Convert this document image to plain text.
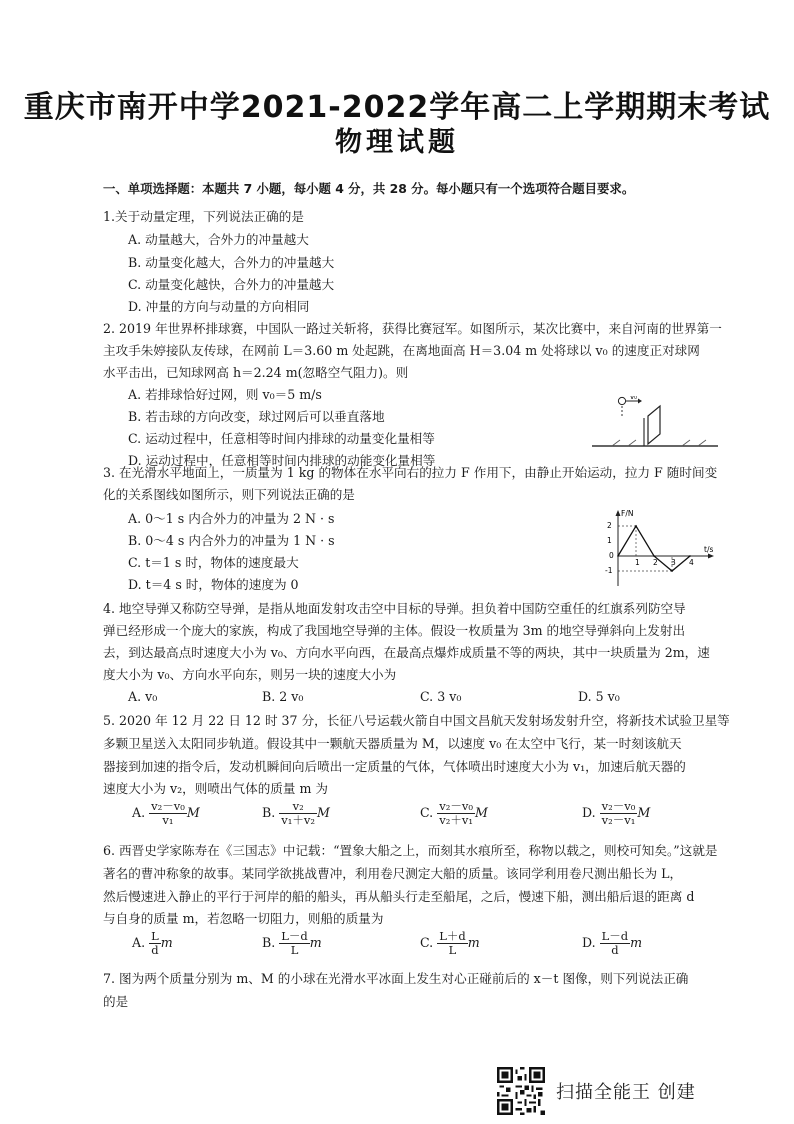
重庆市南开中学2021-2022学年高二上学期期末考试
物理试题
一、单项选择题：本题共 7 小题，每小题 4 分，共 28 分。每小题只有一个选项符合题目要求。
1.关于动量定理，下列说法正确的是
A. 动量越大，合外力的冲量越大
B. 动量变化越大，合外力的冲量越大
C. 动量变化越快，合外力的冲量越大
D. 冲量的方向与动量的方向相同
2. 2019 年世界杯排球赛，中国队一路过关斩将，获得比赛冠军。如图所示，某次比赛中，来自河南的世界第一
主攻手朱婷接队友传球，在网前 L＝3.60 m 处起跳，在离地面高 H＝3.04 m 处将球以 v₀ 的速度正对球网
水平击出，已知球网高 h＝2.24 m(忽略空气阻力)。则
A. 若排球恰好过网，则 v₀＝5 m/s
B. 若击球的方向改变，球过网后可以垂直落地
C. 运动过程中，任意相等时间内排球的动量变化量相等
D. 运动过程中，任意相等时间内排球的动能变化量相等
v₀
3. 在光滑水平地面上，一质量为 1 kg 的物体在水平向右的拉力 F 作用下，由静止开始运动，拉力 F 随时间变
化的关系图线如图所示，则下列说法正确的是
A. 0～1 s 内合外力的冲量为 2 N · s
B. 0～4 s 内合外力的冲量为 1 N · s
C. t＝1 s 时，物体的速度最大
D. t＝4 s 时，物体的速度为 0
F/N
t/s
2
1
0
-1
1 2 3 4
4. 地空导弹又称防空导弹，是指从地面发射攻击空中目标的导弹。担负着中国防空重任的红旗系列防空导
弹已经形成一个庞大的家族，构成了我国地空导弹的主体。假设一枚质量为 3m 的地空导弹斜向上发射出
去，到达最高点时速度大小为 v₀、方向水平向西，在最高点爆炸成质量不等的两块，其中一块质量为 2m，速
度大小为 v₀、方向水平向东，则另一块的速度大小为
A. v₀	B. 2 v₀	C. 3 v₀	D. 5 v₀
5. 2020 年 12 月 22 日 12 时 37 分，长征八号运载火箭自中国文昌航天发射场发射升空，将新技术试验卫星等
多颗卫星送入太阳同步轨道。假设其中一颗航天器质量为 M，以速度 v₀ 在太空中飞行，某一时刻该航天
器接到加速的指令后，发动机瞬间向后喷出一定质量的气体，气体喷出时速度大小为 v₁，加速后航天器的
速度大小为 v₂，则喷出气体的质量 m 为
A. $\frac{\text{v₂－v₀}}{\text{v₁}}$ M	B. $\frac{\text{v₂}}{\text{v₁＋v₂}}$ M	C. $\frac{\text{v₂－v₀}}{\text{v₂＋v₁}}$ M	D. $\frac{\text{v₂－v₀}}{\text{v₂－v₁}}$ M
6. 西晋史学家陈寿在《三国志》中记载：“置象大船之上，而刻其水痕所至，称物以载之，则校可知矣。”这就是
著名的曹冲称象的故事。某同学欲挑战曹冲，利用卷尺测定大船的质量。该同学利用卷尺测出船长为 L，
然后慢速进入静止的平行于河岸的船的船头，再从船头行走至船尾，之后，慢速下船，测出船后退的距离 d
与自身的质量 m，若忽略一切阻力，则船的质量为
A. $\frac{L}{d}$ m	B. $\frac{L-d}{L}$ m	C. $\frac{L+d}{L}$ m	D. $\frac{L-d}{d}$ m
7. 图为两个质量分别为 m、M 的小球在光滑水平冰面上发生对心正碰前后的 x－t 图像，则下列说法正确
的是
扫描全能王 创建
